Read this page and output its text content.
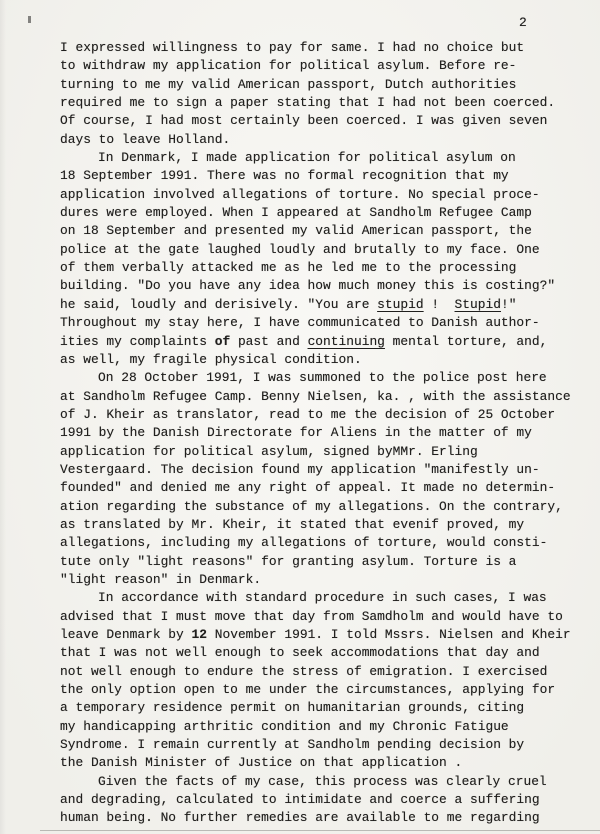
2
I expressed willingness to pay for same. I had no choice but
to withdraw my application for political asylum. Before re-
turning to me my valid American passport, Dutch authorities
required me to sign a paper stating that I had not been coerced.
Of course, I had most certainly been coerced. I was given seven
days to leave Holland.
In Denmark, I made application for political asylum on
18 September 1991. There was no formal recognition that my
application involved allegations of torture. No special proce-
dures were employed. When I appeared at Sandholm Refugee Camp
on 18 September and presented my valid American passport, the
police at the gate laughed loudly and brutally to my face. One
of them verbally attacked me as he led me to the processing
building. "Do you have any idea how much money this is costing?"
he said, loudly and derisively. "You are stupid !  Stupid!"
Throughout my stay here, I have communicated to Danish author-
ities my complaints of past and continuing mental torture, and,
as well, my fragile physical condition.
On 28 October 1991, I was summoned to the police post here
at Sandholm Refugee Camp. Benny Nielsen, ka. , with the assistance
of J. Kheir as translator, read to me the decision of 25 October
1991 by the Danish Directorate for Aliens in the matter of my
application for political asylum, signed byMMr. Erling
Vestergaard. The decision found my application "manifestly un-
founded" and denied me any right of appeal. It made no determin-
ation regarding the substance of my allegations. On the contrary,
as translated by Mr. Kheir, it stated that evenif proved, my
allegations, including my allegations of torture, would consti-
tute only "light reasons" for granting asylum. Torture is a
"light reason" in Denmark.
In accordance with standard procedure in such cases, I was
advised that I must move that day from Samdholm and would have to
leave Denmark by 12 November 1991. I told Mssrs. Nielsen and Kheir
that I was not well enough to seek accommodations that day and
not well enough to endure the stress of emigration. I exercised
the only option open to me under the circumstances, applying for
a temporary residence permit on humanitarian grounds, citing
my handicapping arthritic condition and my Chronic Fatigue
Syndrome. I remain currently at Sandholm pending decision by
the Danish Minister of Justice on that application .
Given the facts of my case, this process was clearly cruel
and degrading, calculated to intimidate and coerce a suffering
human being. No further remedies are available to me regarding
